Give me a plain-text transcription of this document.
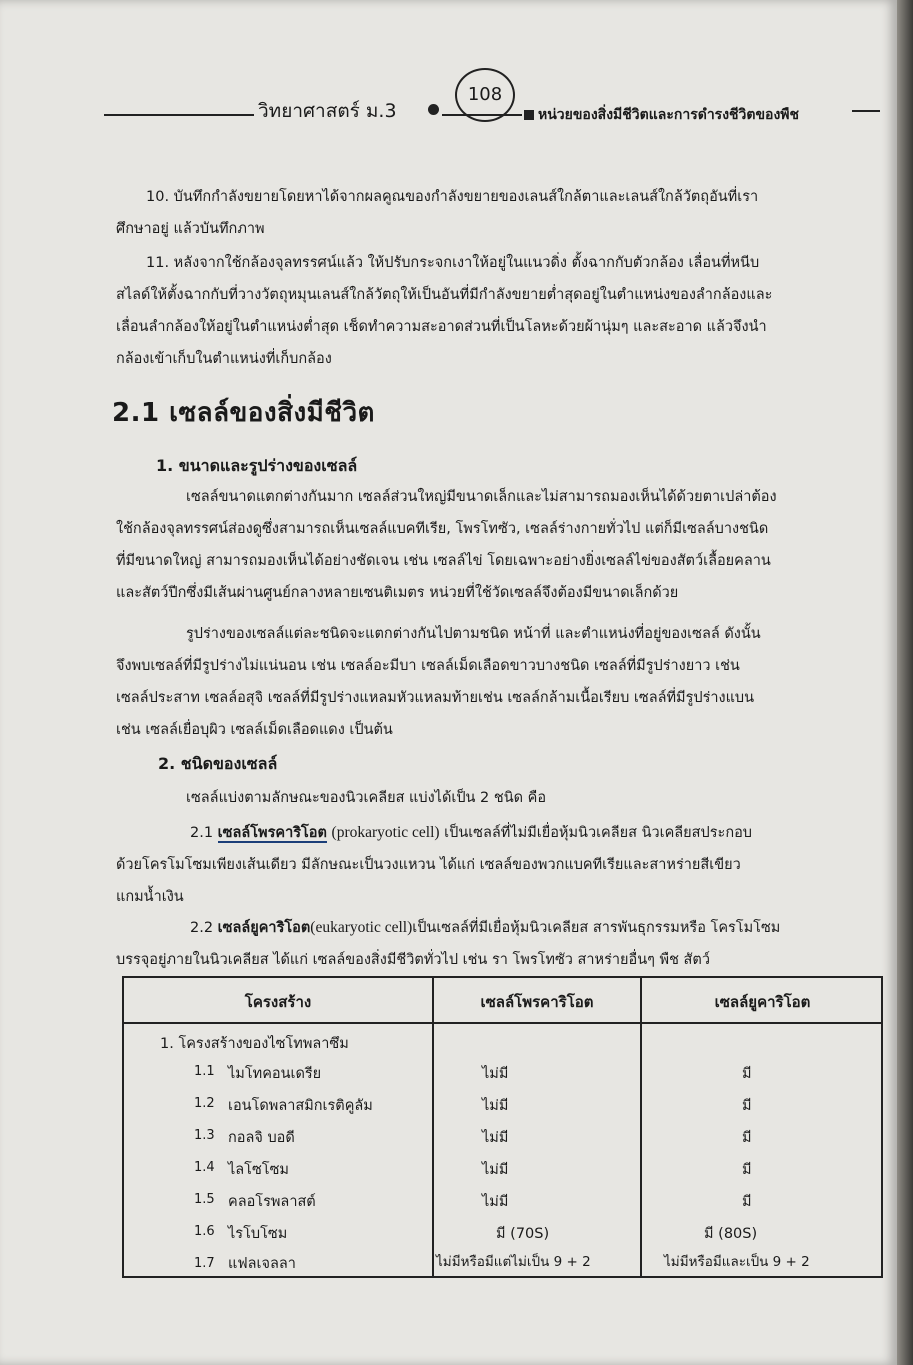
วิทยาศาสตร์ ม.3
108
หน่วยของสิ่งมีชีวิตและการดำรงชีวิตของพืช
10. บันทึกกำลังขยายโดยหาได้จากผลคูณของกำลังขยายของเลนส์ใกล้ตาและเลนส์ใกล้วัตถุอันที่เรา
ศึกษาอยู่ แล้วบันทึกภาพ
11. หลังจากใช้กล้องจุลทรรศน์แล้ว ให้ปรับกระจกเงาให้อยู่ในแนวดิ่ง ตั้งฉากกับตัวกล้อง เลื่อนที่หนีบ
สไลด์ให้ตั้งฉากกับที่วางวัตถุหมุนเลนส์ใกล้วัตถุให้เป็นอันที่มีกำลังขยายต่ำสุดอยู่ในตำแหน่งของลำกล้องและ
เลื่อนลำกล้องให้อยู่ในตำแหน่งต่ำสุด เช็ดทำความสะอาดส่วนที่เป็นโลหะด้วยผ้านุ่มๆ และสะอาด แล้วจึงนำ
กล้องเข้าเก็บในตำแหน่งที่เก็บกล้อง
2.1 เซลล์ของสิ่งมีชีวิต
1. ขนาดและรูปร่างของเซลล์
เซลล์ขนาดแตกต่างกันมาก เซลล์ส่วนใหญ่มีขนาดเล็กและไม่สามารถมองเห็นได้ด้วยตาเปล่าต้อง
ใช้กล้องจุลทรรศน์ส่องดูซึ่งสามารถเห็นเซลล์แบคทีเรีย, โพรโทซัว, เซลล์ร่างกายทั่วไป แต่ก็มีเซลล์บางชนิด
ที่มีขนาดใหญ่ สามารถมองเห็นได้อย่างชัดเจน เช่น เซลล์ไข่ โดยเฉพาะอย่างยิ่งเซลล์ไข่ของสัตว์เลื้อยคลาน
และสัตว์ปีกซึ่งมีเส้นผ่านศูนย์กลางหลายเซนติเมตร หน่วยที่ใช้วัดเซลล์จึงต้องมีขนาดเล็กด้วย
รูปร่างของเซลล์แต่ละชนิดจะแตกต่างกันไปตามชนิด หน้าที่ และตำแหน่งที่อยู่ของเซลล์ ดังนั้น
จึงพบเซลล์ที่มีรูปร่างไม่แน่นอน เช่น เซลล์อะมีบา เซลล์เม็ดเลือดขาวบางชนิด เซลล์ที่มีรูปร่างยาว เช่น
เซลล์ประสาท เซลล์อสุจิ เซลล์ที่มีรูปร่างแหลมหัวแหลมท้ายเช่น เซลล์กล้ามเนื้อเรียบ เซลล์ที่มีรูปร่างแบน
เช่น เซลล์เยื่อบุผิว เซลล์เม็ดเลือดแดง เป็นต้น
2. ชนิดของเซลล์
เซลล์แบ่งตามลักษณะของนิวเคลียส แบ่งได้เป็น 2 ชนิด คือ
2.1 เซลล์โพรคาริโอต (prokaryotic cell) เป็นเซลล์ที่ไม่มีเยื่อหุ้มนิวเคลียส นิวเคลียสประกอบ
ด้วยโครโมโซมเพียงเส้นเดียว มีลักษณะเป็นวงแหวน ได้แก่ เซลล์ของพวกแบคทีเรียและสาหร่ายสีเขียว
แกมน้ำเงิน
2.2 เซลล์ยูคาริโอต(eukaryotic cell)เป็นเซลล์ที่มีเยื่อหุ้มนิวเคลียส สารพันธุกรรมหรือ โครโมโซม
บรรจุอยู่ภายในนิวเคลียส ได้แก่ เซลล์ของสิ่งมีชีวิตทั่วไป เช่น รา โพรโทซัว สาหร่ายอื่นๆ พืช สัตว์
โครงสร้าง	เซลล์โพรคาริโอต	เซลล์ยูคาริโอต
1. โครงสร้างของไซโทพลาซึม
1.1 ไมโทคอนเดรีย	ไม่มี	มี
1.2 เอนโดพลาสมิกเรติคูลัม	ไม่มี	มี
1.3 กอลจิ บอดี	ไม่มี	มี
1.4 ไลโซโซม	ไม่มี	มี
1.5 คลอโรพลาสต์	ไม่มี	มี
1.6 ไรโบโซม	มี (70S)	มี (80S)
1.7 แฟลเจลลา	ไม่มีหรือมีแต่ไม่เป็น 9 + 2	ไม่มีหรือมีและเป็น 9 + 2
